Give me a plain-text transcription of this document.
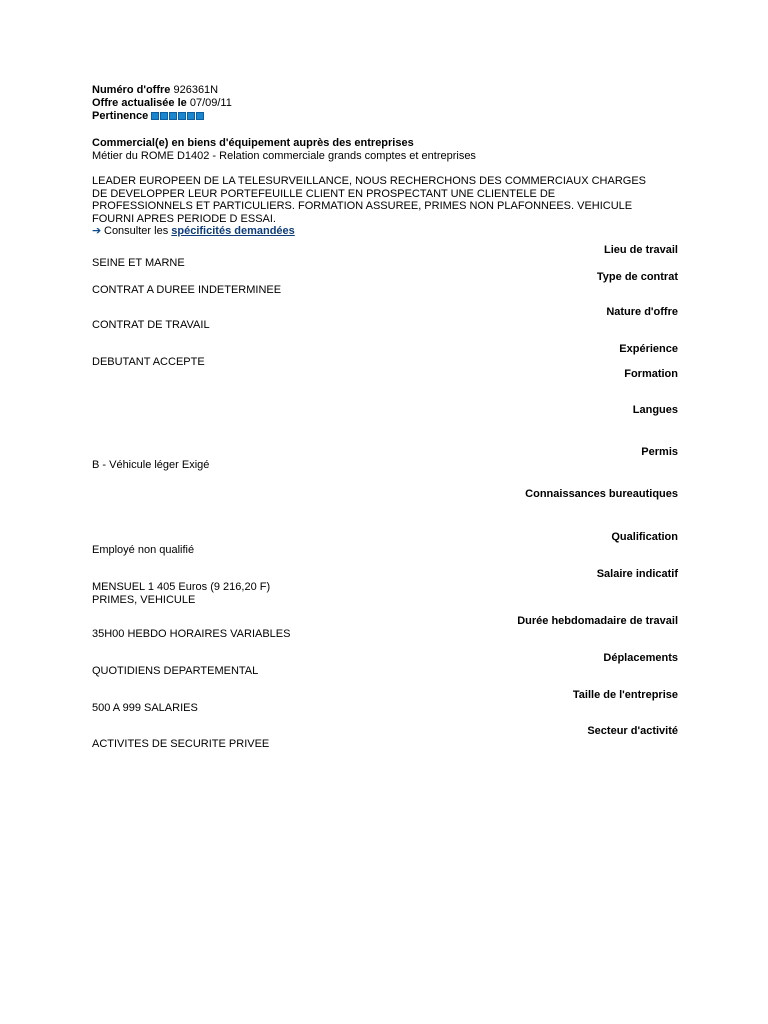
Numéro d'offre 926361N
Offre actualisée le 07/09/11
Pertinence
Commercial(e) en biens d'équipement auprès des entreprises
Métier du ROME D1402 - Relation commerciale grands comptes et entreprises
LEADER EUROPEEN DE LA TELESURVEILLANCE, NOUS RECHERCHONS DES COMMERCIAUX CHARGES DE DEVELOPPER LEUR PORTEFEUILLE CLIENT EN PROSPECTANT UNE CLIENTELE DE PROFESSIONNELS ET PARTICULIERS. FORMATION ASSUREE, PRIMES NON PLAFONNEES. VEHICULE FOURNI APRES PERIODE D ESSAI.
➔ Consulter les spécificités demandées
Lieu de travail
SEINE ET MARNE
Type de contrat
CONTRAT A DUREE INDETERMINEE
Nature d'offre
CONTRAT DE TRAVAIL
Expérience
DEBUTANT ACCEPTE
Formation
Langues
Permis
B - Véhicule léger Exigé
Connaissances bureautiques
Qualification
Employé non qualifié
Salaire indicatif
MENSUEL 1 405 Euros (9 216,20 F)
PRIMES, VEHICULE
Durée hebdomadaire de travail
35H00 HEBDO HORAIRES VARIABLES
Déplacements
QUOTIDIENS DEPARTEMENTAL
Taille de l'entreprise
500 A 999 SALARIES
Secteur d'activité
ACTIVITES DE SECURITE PRIVEE
